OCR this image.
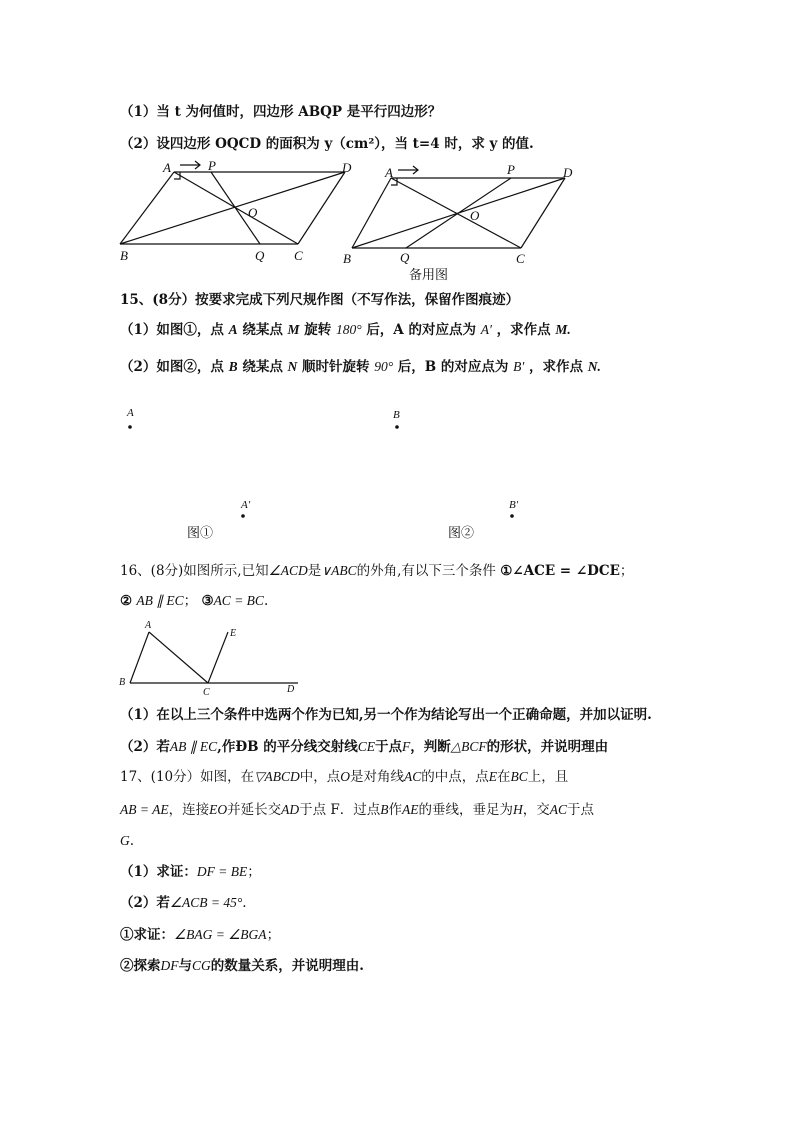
（1）当 t 为何值时，四边形 ABQP 是平行四边形？
（2）设四边形 OQCD 的面积为 y（cm²），当 t=4 时，求 y 的值.
A	P	D
O
B	Q C
A	P	D
O
B	Q	C
备用图
15、(8分）按要求完成下列尺规作图（不写作法，保留作图痕迹）
（1）如图①，点 A 绕某点 M 旋转 180° 后，A 的对应点为 A′ ，求作点 M.
（2）如图②，点 B 绕某点 N 顺时针旋转 90° 后，B 的对应点为 B′ ，求作点 N.
A
A′
B
B′
图①	图②
16、(8分)如图所示,已知∠ACD是∨ABC的外角,有以下三个条件 ①∠ACE = ∠DCE；
② AB ∥ EC； ③AC = BC.
A
E
B
C	D
（1）在以上三个条件中选两个作为已知,另一个作为结论写出一个正确命题，并加以证明.
（2）若AB ∥ EC,作ÐB 的平分线交射线CE于点F，判断△BCF的形状，并说明理由
17、(10分）如图，在▽ABCD中，点O是对角线AC的中点，点E在BC上，且
AB = AE，连接EO并延长交AD于点 F．过点B作AE的垂线，垂足为H，交AC于点
G.
（1）求证：DF = BE；
（2）若∠ACB = 45°.
①求证：∠BAG = ∠BGA；
②探索DF与CG的数量关系，并说明理由.
